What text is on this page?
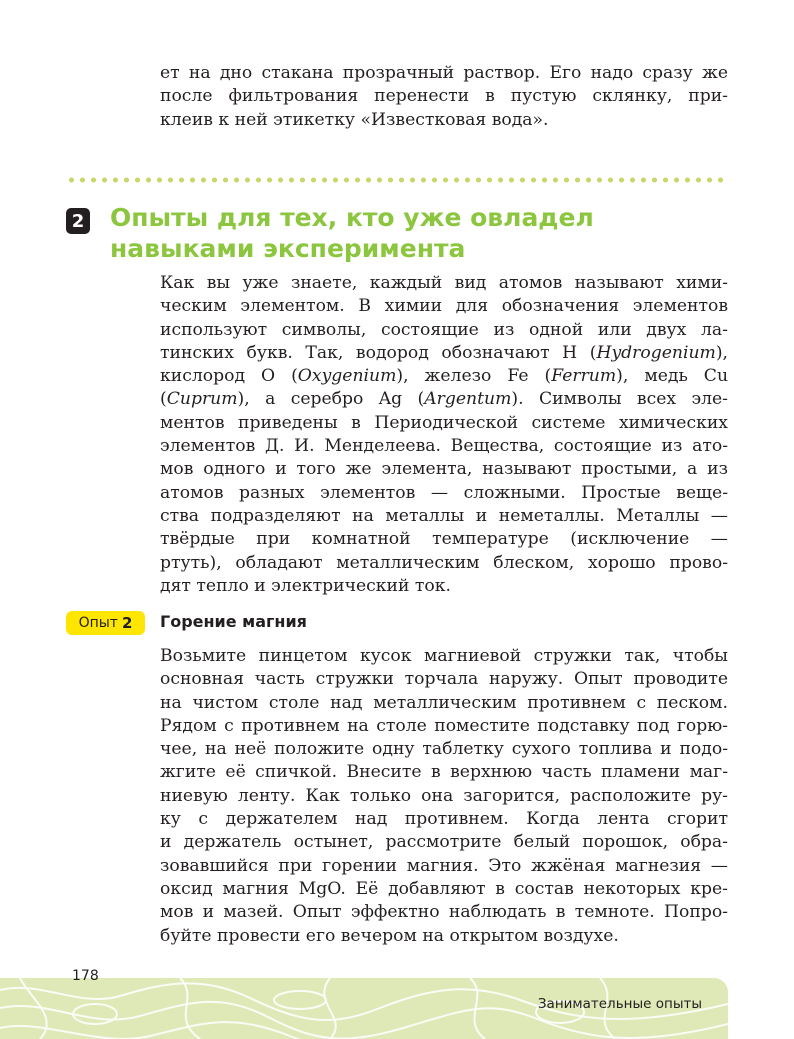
ет на дно стакана прозрачный раствор. Его надо сразу же
после фильтрования перенести в пустую склянку, при-
клеив к ней этикетку «Известковая вода».
2 Опыты для тех, кто уже овладел
навыками эксперимента
Как вы уже знаете, каждый вид атомов называют хими-
ческим элементом. В химии для обозначения элементов
используют символы, состоящие из одной или двух ла-
тинских букв. Так, водород обозначают H (Hydrogenium),
кислород O (Oxygenium), железо Fe (Ferrum), медь Cu
(Cuprum), а серебро Ag (Argentum). Символы всех эле-
ментов приведены в Периодической системе химических
элементов Д. И. Менделеева. Вещества, состоящие из ато-
мов одного и того же элемента, называют простыми, а из
атомов разных элементов — сложными. Простые веще-
ства подразделяют на металлы и неметаллы. Металлы —
твёрдые при комнатной температуре (исключение —
ртуть), обладают металлическим блеском, хорошо прово-
дят тепло и электрический ток.
Опыт 2 Горение магния
Возьмите пинцетом кусок магниевой стружки так, чтобы
основная часть стружки торчала наружу. Опыт проводите
на чистом столе над металлическим противнем с песком.
Рядом с противнем на столе поместите подставку под горю-
чее, на неё положите одну таблетку сухого топлива и подо-
жгите её спичкой. Внесите в верхнюю часть пламени маг-
ниевую ленту. Как только она загорится, расположите ру-
ку с держателем над противнем. Когда лента сгорит
и держатель остынет, рассмотрите белый порошок, обра-
зовавшийся при горении магния. Это жжёная магнезия —
оксид магния MgO. Её добавляют в состав некоторых кре-
мов и мазей. Опыт эффектно наблюдать в темноте. Попро-
буйте провести его вечером на открытом воздухе.
178
Занимательные опыты
